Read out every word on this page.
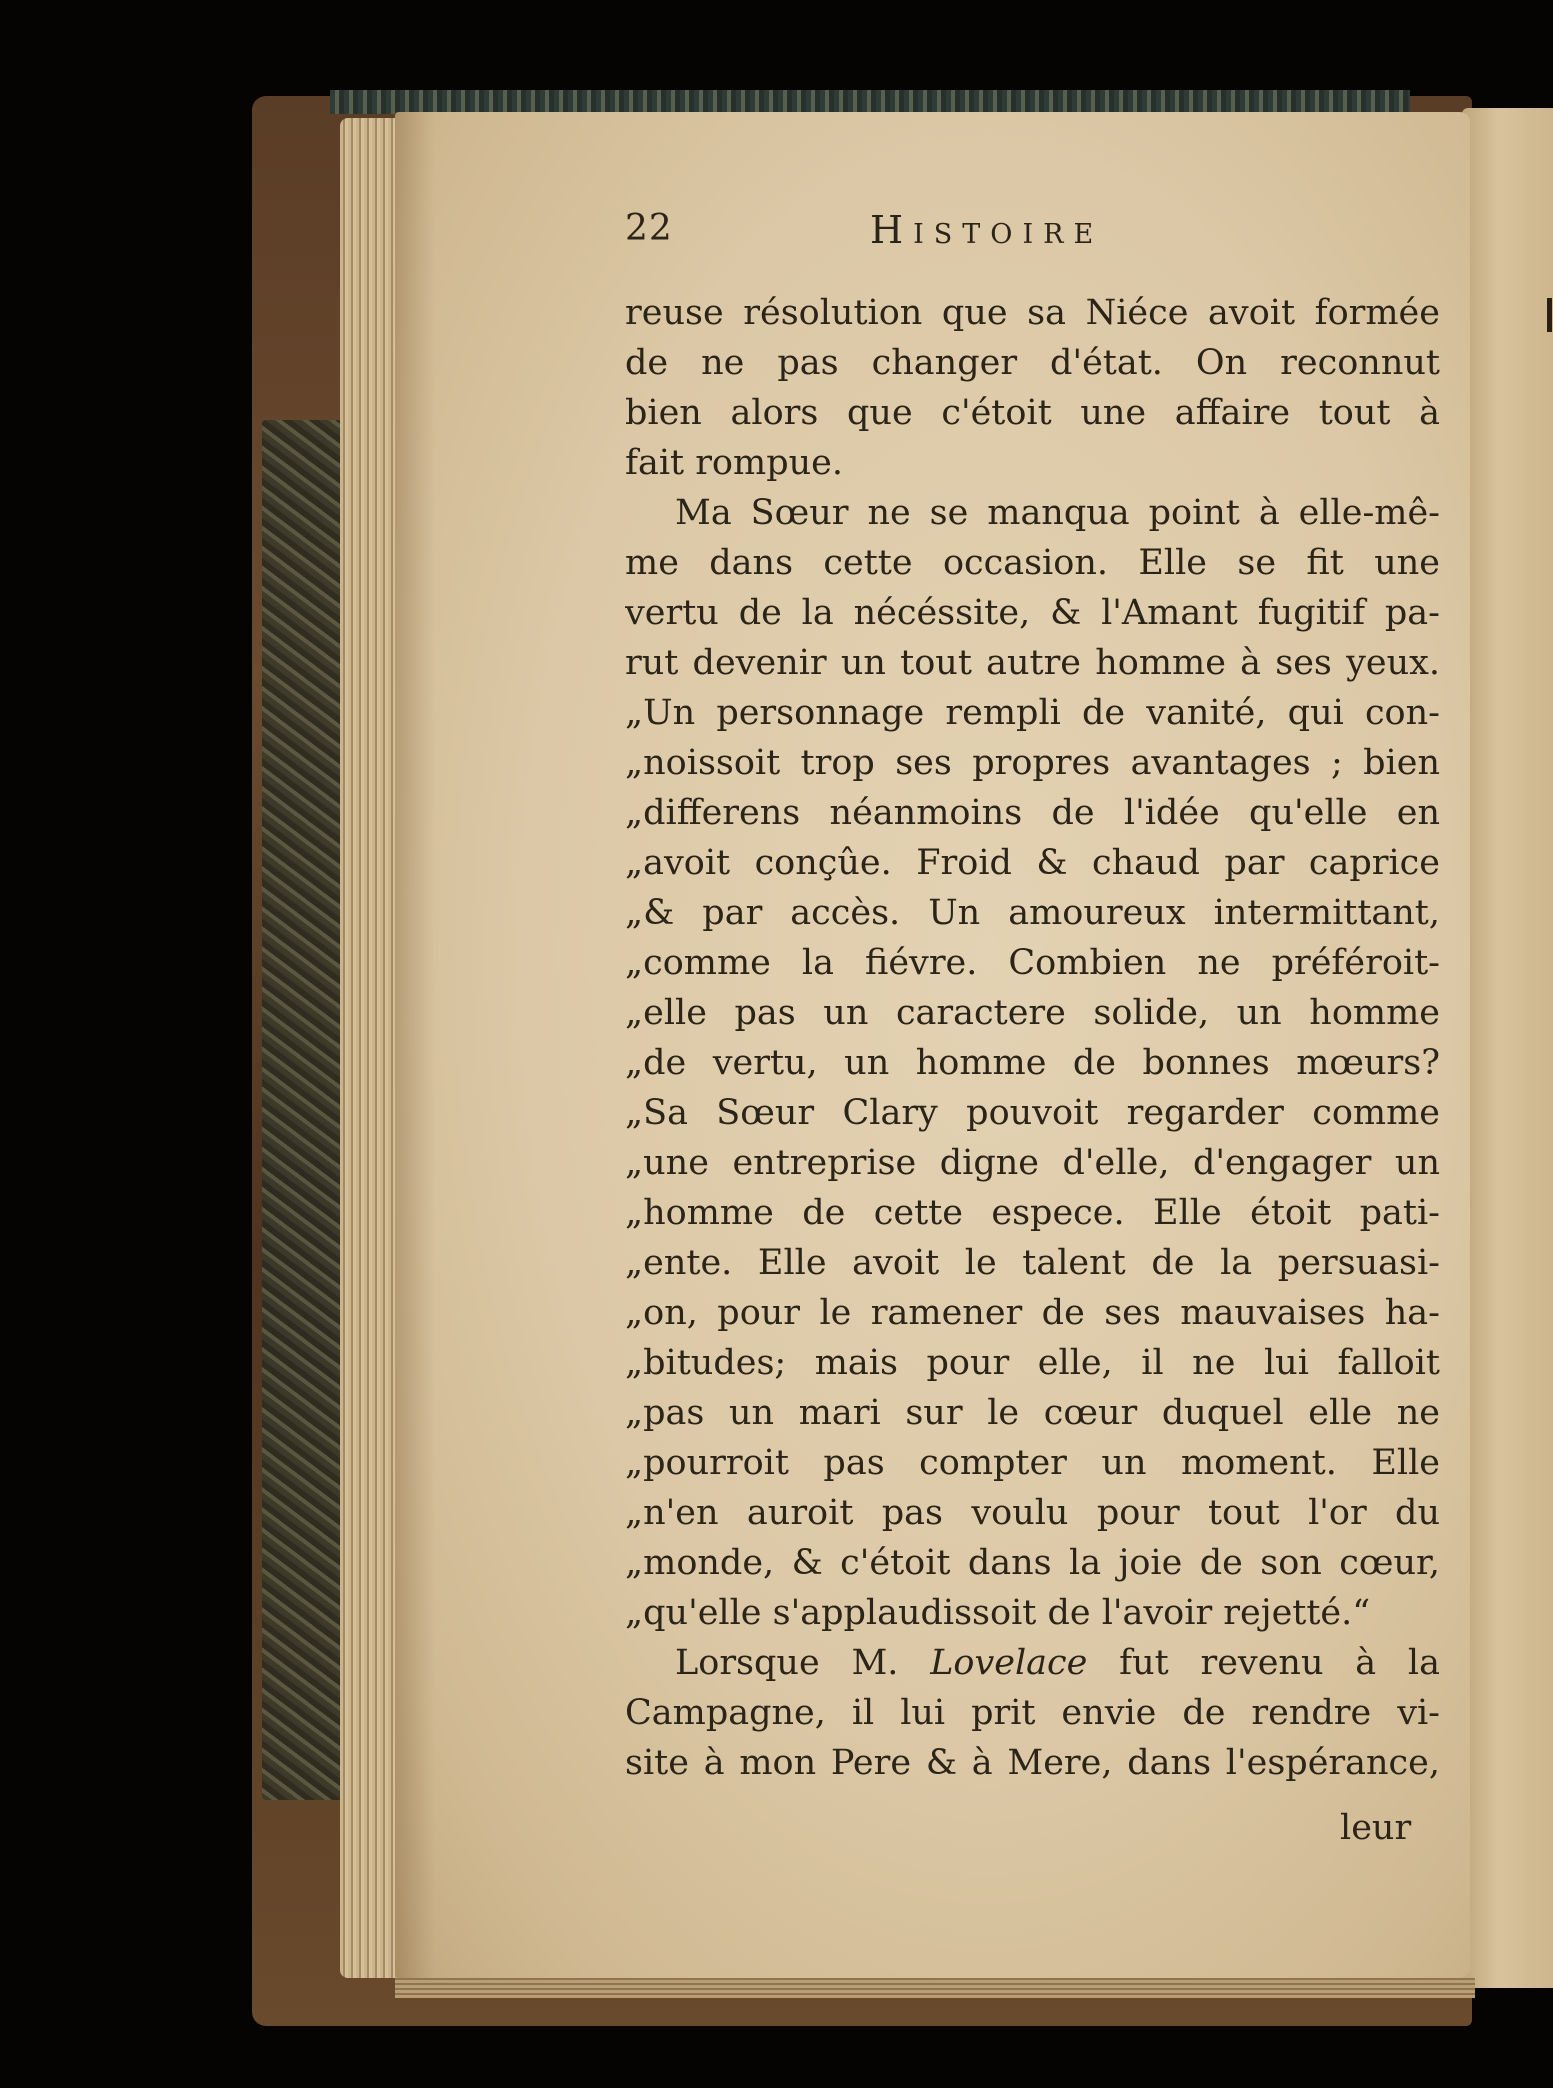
22	Histoire
reuse résolution que sa Niéce avoit formée
de ne pas changer d'état. On reconnut
bien alors que c'étoit une affaire tout à
fait rompue.
Ma Sœur ne se manqua point à elle-mê-
me dans cette occasion. Elle se fit une
vertu de la nécéssite, & l'Amant fugitif pa-
rut devenir un tout autre homme à ses yeux.
„Un personnage rempli de vanité, qui con-
„noissoit trop ses propres avantages ; bien
„differens néanmoins de l'idée qu'elle en
„avoit conçûe. Froid & chaud par caprice
„& par accès. Un amoureux intermittant,
„comme la fiévre. Combien ne préféroit-
„elle pas un caractere solide, un homme
„de vertu, un homme de bonnes mœurs?
„Sa Sœur Clary pouvoit regarder comme
„une entreprise digne d'elle, d'engager un
„homme de cette espece. Elle étoit pati-
„ente. Elle avoit le talent de la persuasi-
„on, pour le ramener de ses mauvaises ha-
„bitudes; mais pour elle, il ne lui falloit
„pas un mari sur le cœur duquel elle ne
„pourroit pas compter un moment. Elle
„n'en auroit pas voulu pour tout l'or du
„monde, & c'étoit dans la joie de son cœur,
„qu'elle s'applaudissoit de l'avoir rejetté.“
Lorsque M. Lovelace fut revenu à la
Campagne, il lui prit envie de rendre vi-
site à mon Pere & à Mere, dans l'espérance,
leur
